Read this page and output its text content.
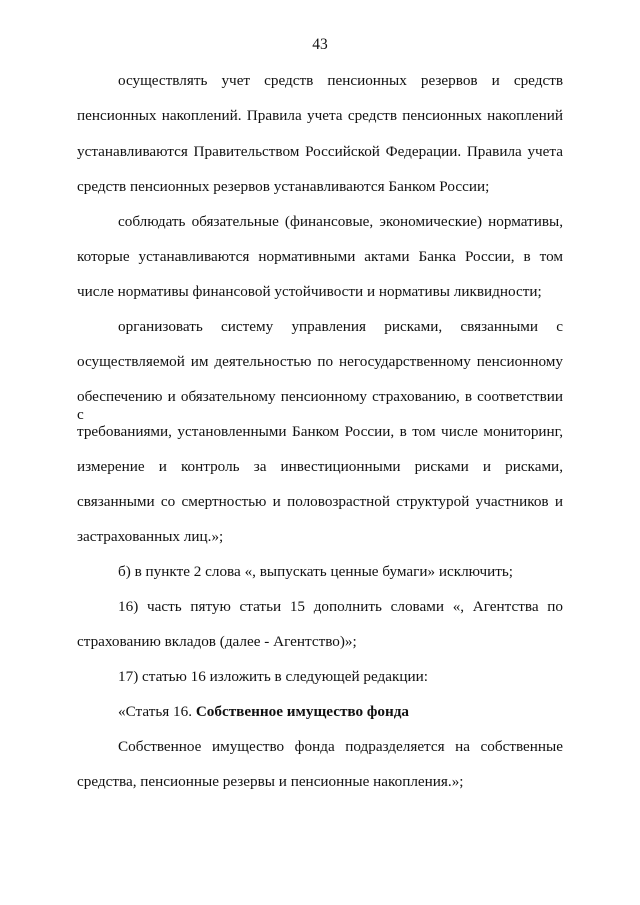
43
осуществлять учет средств пенсионных резервов и средств
пенсионных накоплений. Правила учета средств пенсионных накоплений
устанавливаются Правительством Российской Федерации. Правила учета
средств пенсионных резервов устанавливаются Банком России;
соблюдать обязательные (финансовые, экономические) нормативы,
которые устанавливаются нормативными актами Банка России, в том
числе нормативы финансовой устойчивости и нормативы ликвидности;
организовать систему управления рисками, связанными с
осуществляемой им деятельностью по негосударственному пенсионному
обеспечению и обязательному пенсионному страхованию, в соответствии с
требованиями, установленными Банком России, в том числе мониторинг,
измерение и контроль за инвестиционными рисками и рисками,
связанными со смертностью и половозрастной структурой участников и
застрахованных лиц.»;
б) в пункте 2 слова «, выпускать ценные бумаги» исключить;
16) часть пятую статьи 15 дополнить словами «, Агентства по
страхованию вкладов (далее - Агентство)»;
17) статью 16 изложить в следующей редакции:
«Статья 16. Собственное имущество фонда
Собственное имущество фонда подразделяется на собственные
средства, пенсионные резервы и пенсионные накопления.»;
